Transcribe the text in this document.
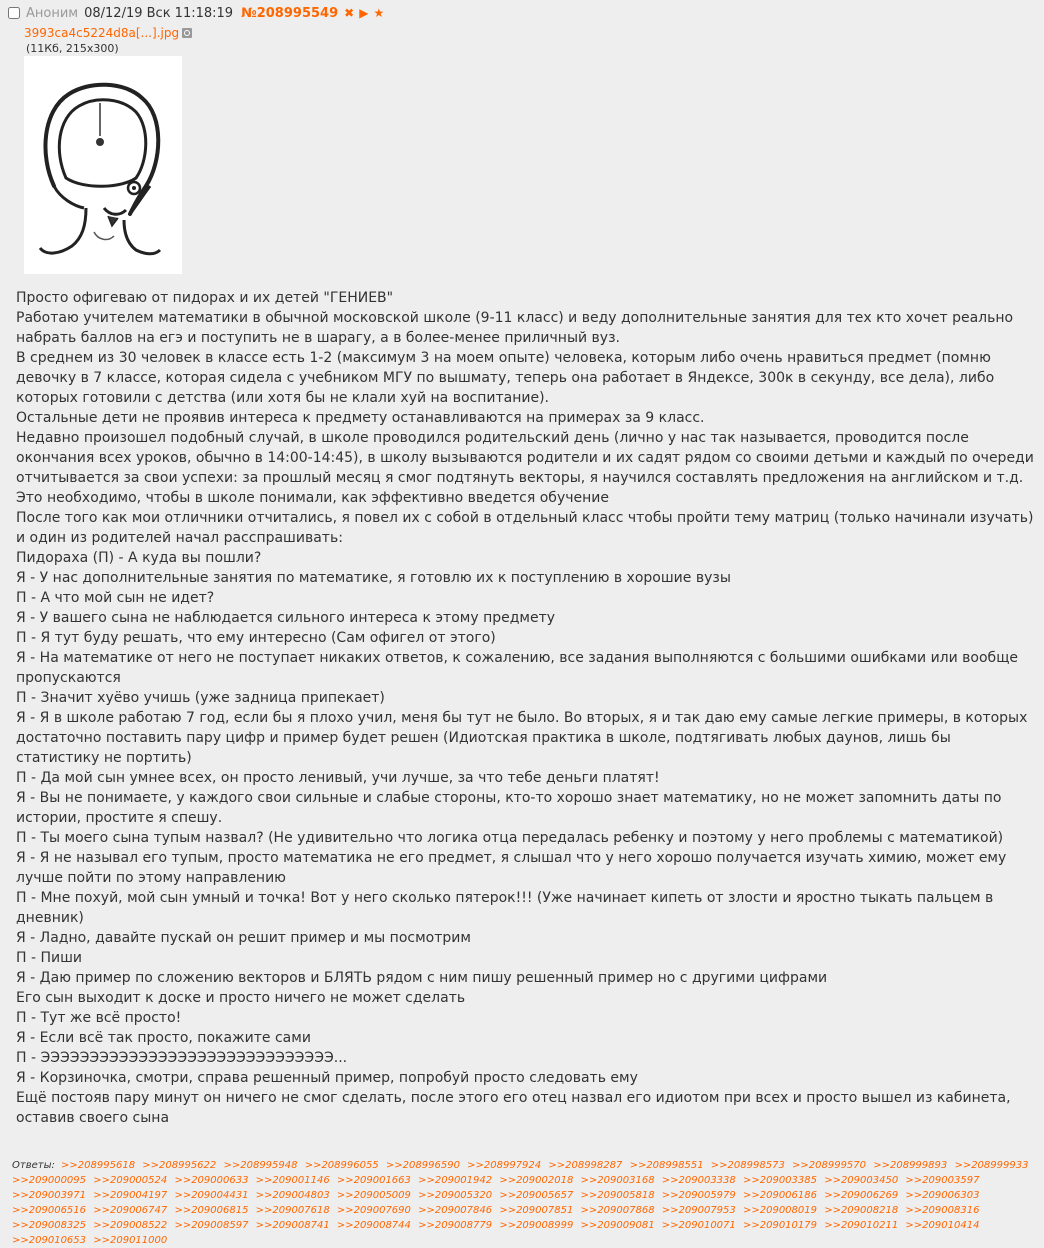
Аноним 08/12/19 Вск 11:18:19 №208995549 ✖ ▶ ★
3993ca4c5224d8a[...].jpg
(11Кб, 215x300)

Просто офигеваю от пидорах и их детей "ГЕНИЕВ"

Работаю учителем математики в обычной московской школе (9-11 класс) и веду дополнительные занятия для тех кто хочет реально набрать баллов на егэ и поступить не в шарагу, а в более-менее приличный вуз.

В среднем из 30 человек в классе есть 1-2 (максимум 3 на моем опыте) человека, которым либо очень нравиться предмет (помню девочку в 7 классе, которая сидела с учебником МГУ по вышмату, теперь она работает в Яндексе, 300к в секунду, все дела), либо которых готовили с детства (или хотя бы не клали хуй на воспитание).

Остальные дети не проявив интереса к предмету останавливаются на примерах за 9 класс.

Недавно произошел подобный случай, в школе проводился родительский день (лично у нас так называется, проводится после окончания всех уроков, обычно в 14:00-14:45), в школу вызываются родители и их садят рядом со своими детьми и каждый по очереди отчитывается за свои успехи: за прошлый месяц я смог подтянуть векторы, я научился составлять предложения на английском и т.д.

Это необходимо, чтобы в школе понимали, как эффективно введется обучение

После того как мои отличники отчитались, я повел их с собой в отдельный класс чтобы пройти тему матриц (только начинали изучать) и один из родителей начал расспрашивать:

Пидораха (П) - А куда вы пошли?

Я - У нас дополнительные занятия по математике, я готовлю их к поступлению в хорошие вузы

П - А что мой сын не идет?

Я - У вашего сына не наблюдается сильного интереса к этому предмету

П - Я тут буду решать, что ему интересно (Сам офигел от этого)

Я - На математике от него не поступает никаких ответов, к сожалению, все задания выполняются с большими ошибками или вообще пропускаются

П - Значит хуёво учишь (уже задница припекает)

Я - Я в школе работаю 7 год, если бы я плохо учил, меня бы тут не было. Во вторых, я и так даю ему самые легкие примеры, в которых достаточно поставить пару цифр и пример будет решен (Идиотская практика в школе, подтягивать любых даунов, лишь бы статистику не портить)

П - Да мой сын умнее всех, он просто ленивый, учи лучше, за что тебе деньги платят!

Я - Вы не понимаете, у каждого свои сильные и слабые стороны, кто-то хорошо знает математику, но не может запомнить даты по истории, простите я спешу.

П - Ты моего сына тупым назвал? (Не удивительно что логика отца передалась ребенку и поэтому у него проблемы с математикой)

Я - Я не называл его тупым, просто математика не его предмет, я слышал что у него хорошо получается изучать химию, может ему лучше пойти по этому направлению

П - Мне похуй, мой сын умный и точка! Вот у него сколько пятерок!!! (Уже начинает кипеть от злости и яростно тыкать пальцем в дневник)

Я - Ладно, давайте пускай он решит пример и мы посмотрим

П - Пиши

Я - Даю пример по сложению векторов и БЛЯТЬ рядом с ним пишу решенный пример но с другими цифрами

Его сын выходит к доске и просто ничего не может сделать

П - Тут же всё просто!

Я - Если всё так просто, покажите сами

П - ЭЭЭЭЭЭЭЭЭЭЭЭЭЭЭЭЭЭЭЭЭЭЭЭЭЭЭЭЭЭ...

Я - Корзиночка, смотри, справа решенный пример, попробуй просто следовать ему

Ещё постояв пару минут он ничего не смог сделать, после этого его отец назвал его идиотом при всех и просто вышел из кабинета, оставив своего сына

Ответы: >>208995618 >>208995622 >>208995948 >>208996055 >>208996590 >>208997924 >>208998287 >>208998551 >>208998573 >>208999570 >>208999893 >>208999933 >>209000095 >>209000524 >>209000633 >>209001146 >>209001663 >>209001942 >>209002018 >>209003168 >>209003338 >>209003385 >>209003450 >>209003597 >>209003971 >>209004197 >>209004431 >>209004803 >>209005009 >>209005320 >>209005657 >>209005818 >>209005979 >>209006186 >>209006269 >>209006303 >>209006516 >>209006747 >>209006815 >>209007618 >>209007690 >>209007846 >>209007851 >>209007868 >>209007953 >>209008019 >>209008218 >>209008316 >>209008325 >>209008522 >>209008597 >>209008741 >>209008744 >>209008779 >>209008999 >>209009081 >>209010071 >>209010179 >>209010211 >>209010414 >>209010653 >>209011000
